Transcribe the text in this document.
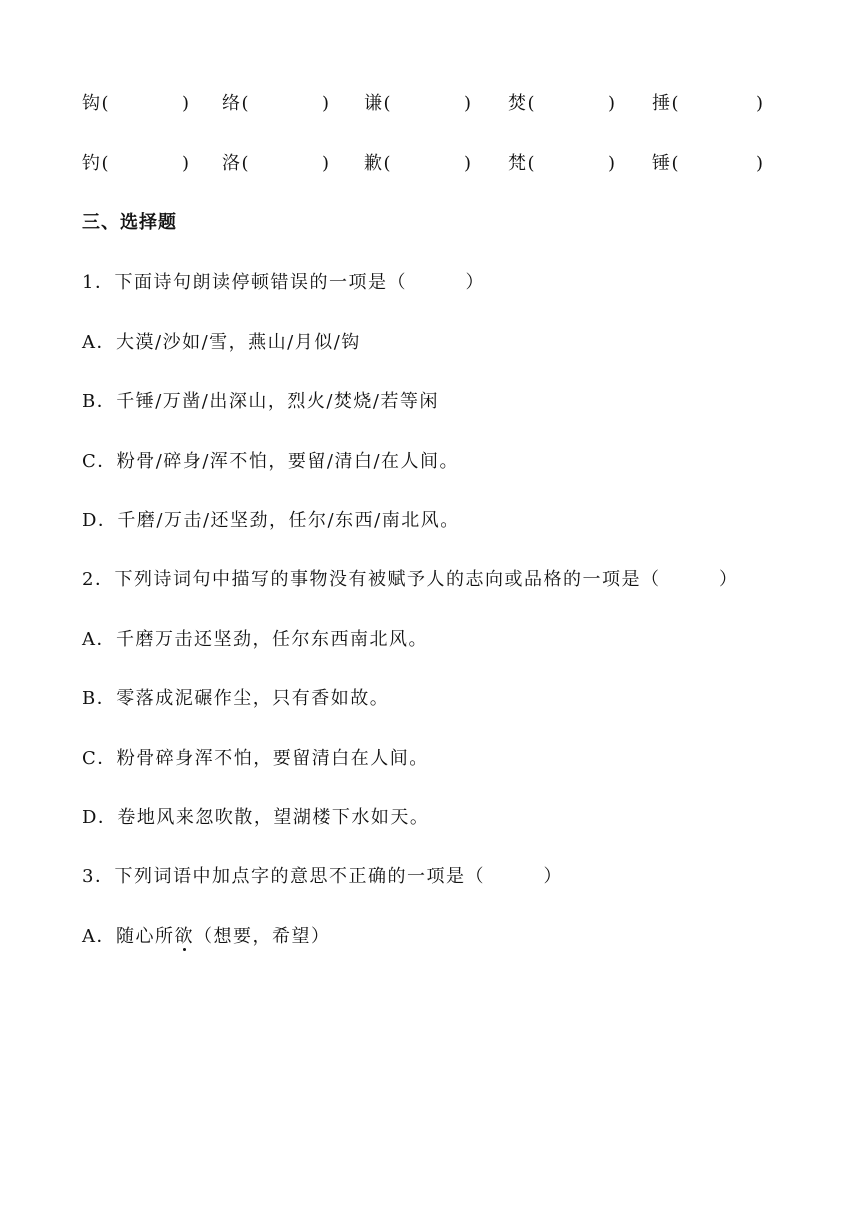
钩(	) 络(	) 谦(	) 焚(	) 捶(	)
钓(	) 洛(	) 歉(	) 梵(	) 锤(	)
三、选择题
1．下面诗句朗读停顿错误的一项是（　　　）
A．大漠/沙如/雪，燕山/月似/钩
B．千锤/万凿/出深山，烈火/焚烧/若等闲
C．粉骨/碎身/浑不怕，要留/清白/在人间。
D．千磨/万击/还坚劲，任尔/东西/南北风。
2．下列诗词句中描写的事物没有被赋予人的志向或品格的一项是（　　　）
A．千磨万击还坚劲，任尔东西南北风。
B．零落成泥碾作尘，只有香如故。
C．粉骨碎身浑不怕，要留清白在人间。
D．卷地风来忽吹散，望湖楼下水如天。
3．下列词语中加点字的意思不正确的一项是（　　　）
A．随心所欲（想要，希望）
